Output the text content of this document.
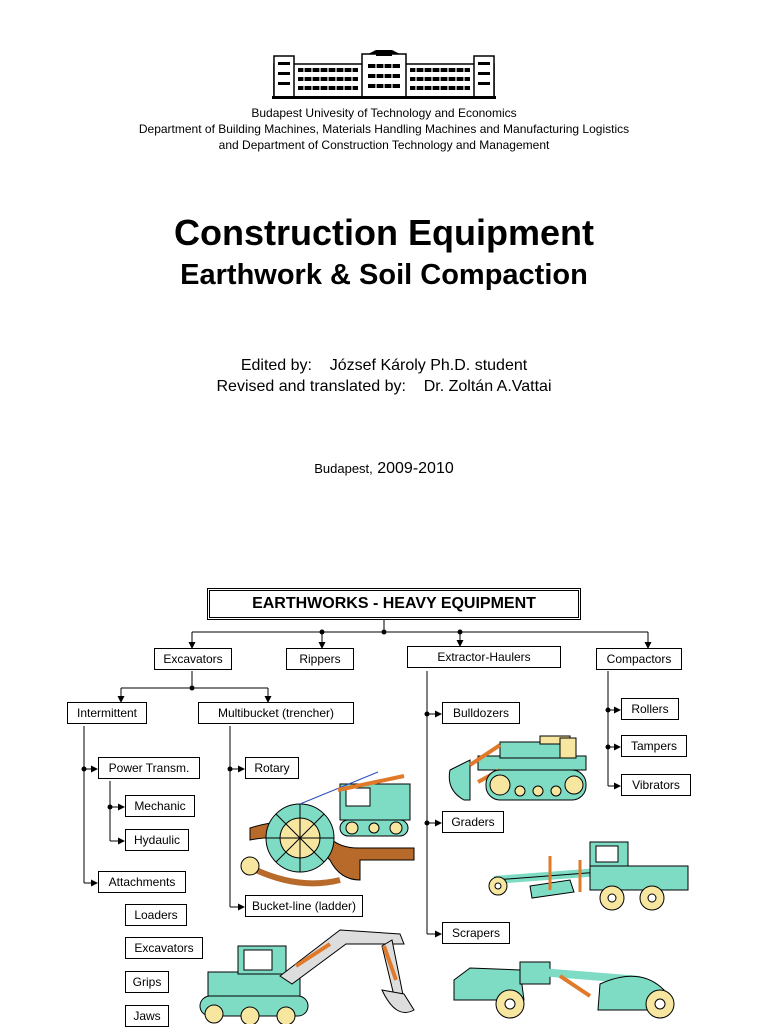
Budapest Univesity of Technology and Economics
Department of Building Machines, Materials Handling Machines and Manufacturing Logistics
and Department of Construction Technology and Management
Construction Equipment
Earthwork & Soil Compaction
Edited by:    József Károly Ph.D. student
Revised and translated by:    Dr. Zoltán A.Vattai
Budapest, 2009-2010
EARTHWORKS - HEAVY EQUIPMENT
Excavators	Rippers	Extractor-Haulers	Compactors
Intermittent	Multibucket (trencher)
Power Transm.
Mechanic
Hydaulic
Attachments
Loaders
Excavators
Grips
Jaws
Rotary
Bucket-line (ladder)
Bulldozers
Graders
Scrapers
Rollers
Tampers
Vibrators
